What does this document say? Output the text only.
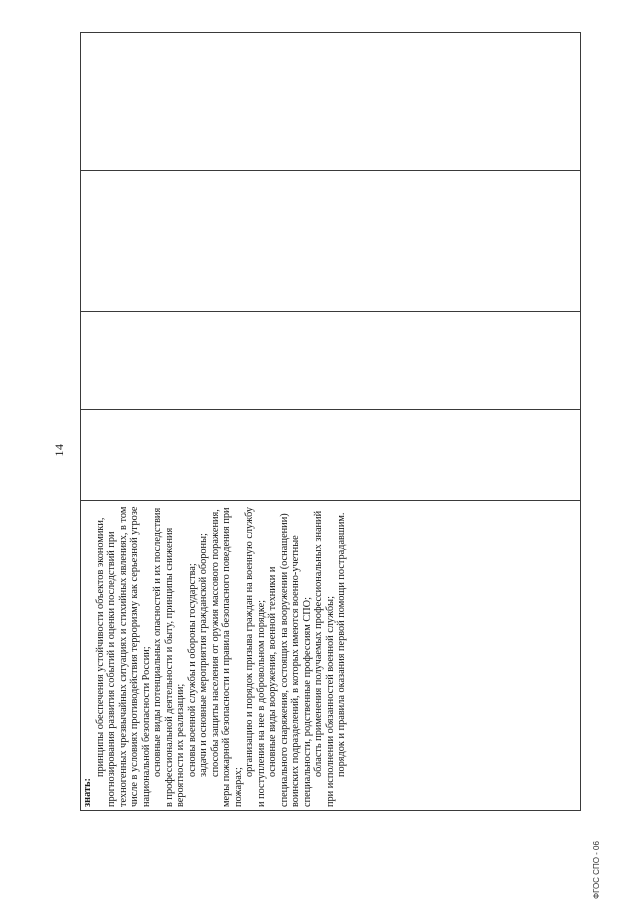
14
знать:

принципы обеспечения устойчивости объектов экономики, прогнозирования развития событий и оценки последствий при техногенных чрезвычайных ситуациях и стихийных явлениях, в том числе в условиях противодействия терроризму как серьезной угрозе национальной безопасности России; основные виды потенциальных опасностей и их последствия в профессиональной деятельности и быту, принципы снижения вероятности их реализации; основы военной службы и обороны государства; задачи и основные мероприятия гражданской обороны; способы защиты населения от оружия массового поражения, меры пожарной безопасности и правила безопасного поведения при пожарах;

организацию и порядок призыва граждан на военную службу и поступления на нее в добровольном порядке; основные виды вооружения, военной техники и специального снаряжения, состоящих на вооружении (оснащении) воинских подразделений, в которых имеются военно-учетные специальности, родственные профессиям СПО; область применения получаемых профессиональных знаний при исполнении обязанностей военной службы; порядок и правила оказания первой помощи пострадавшим.

ФГОС СПО - 06
